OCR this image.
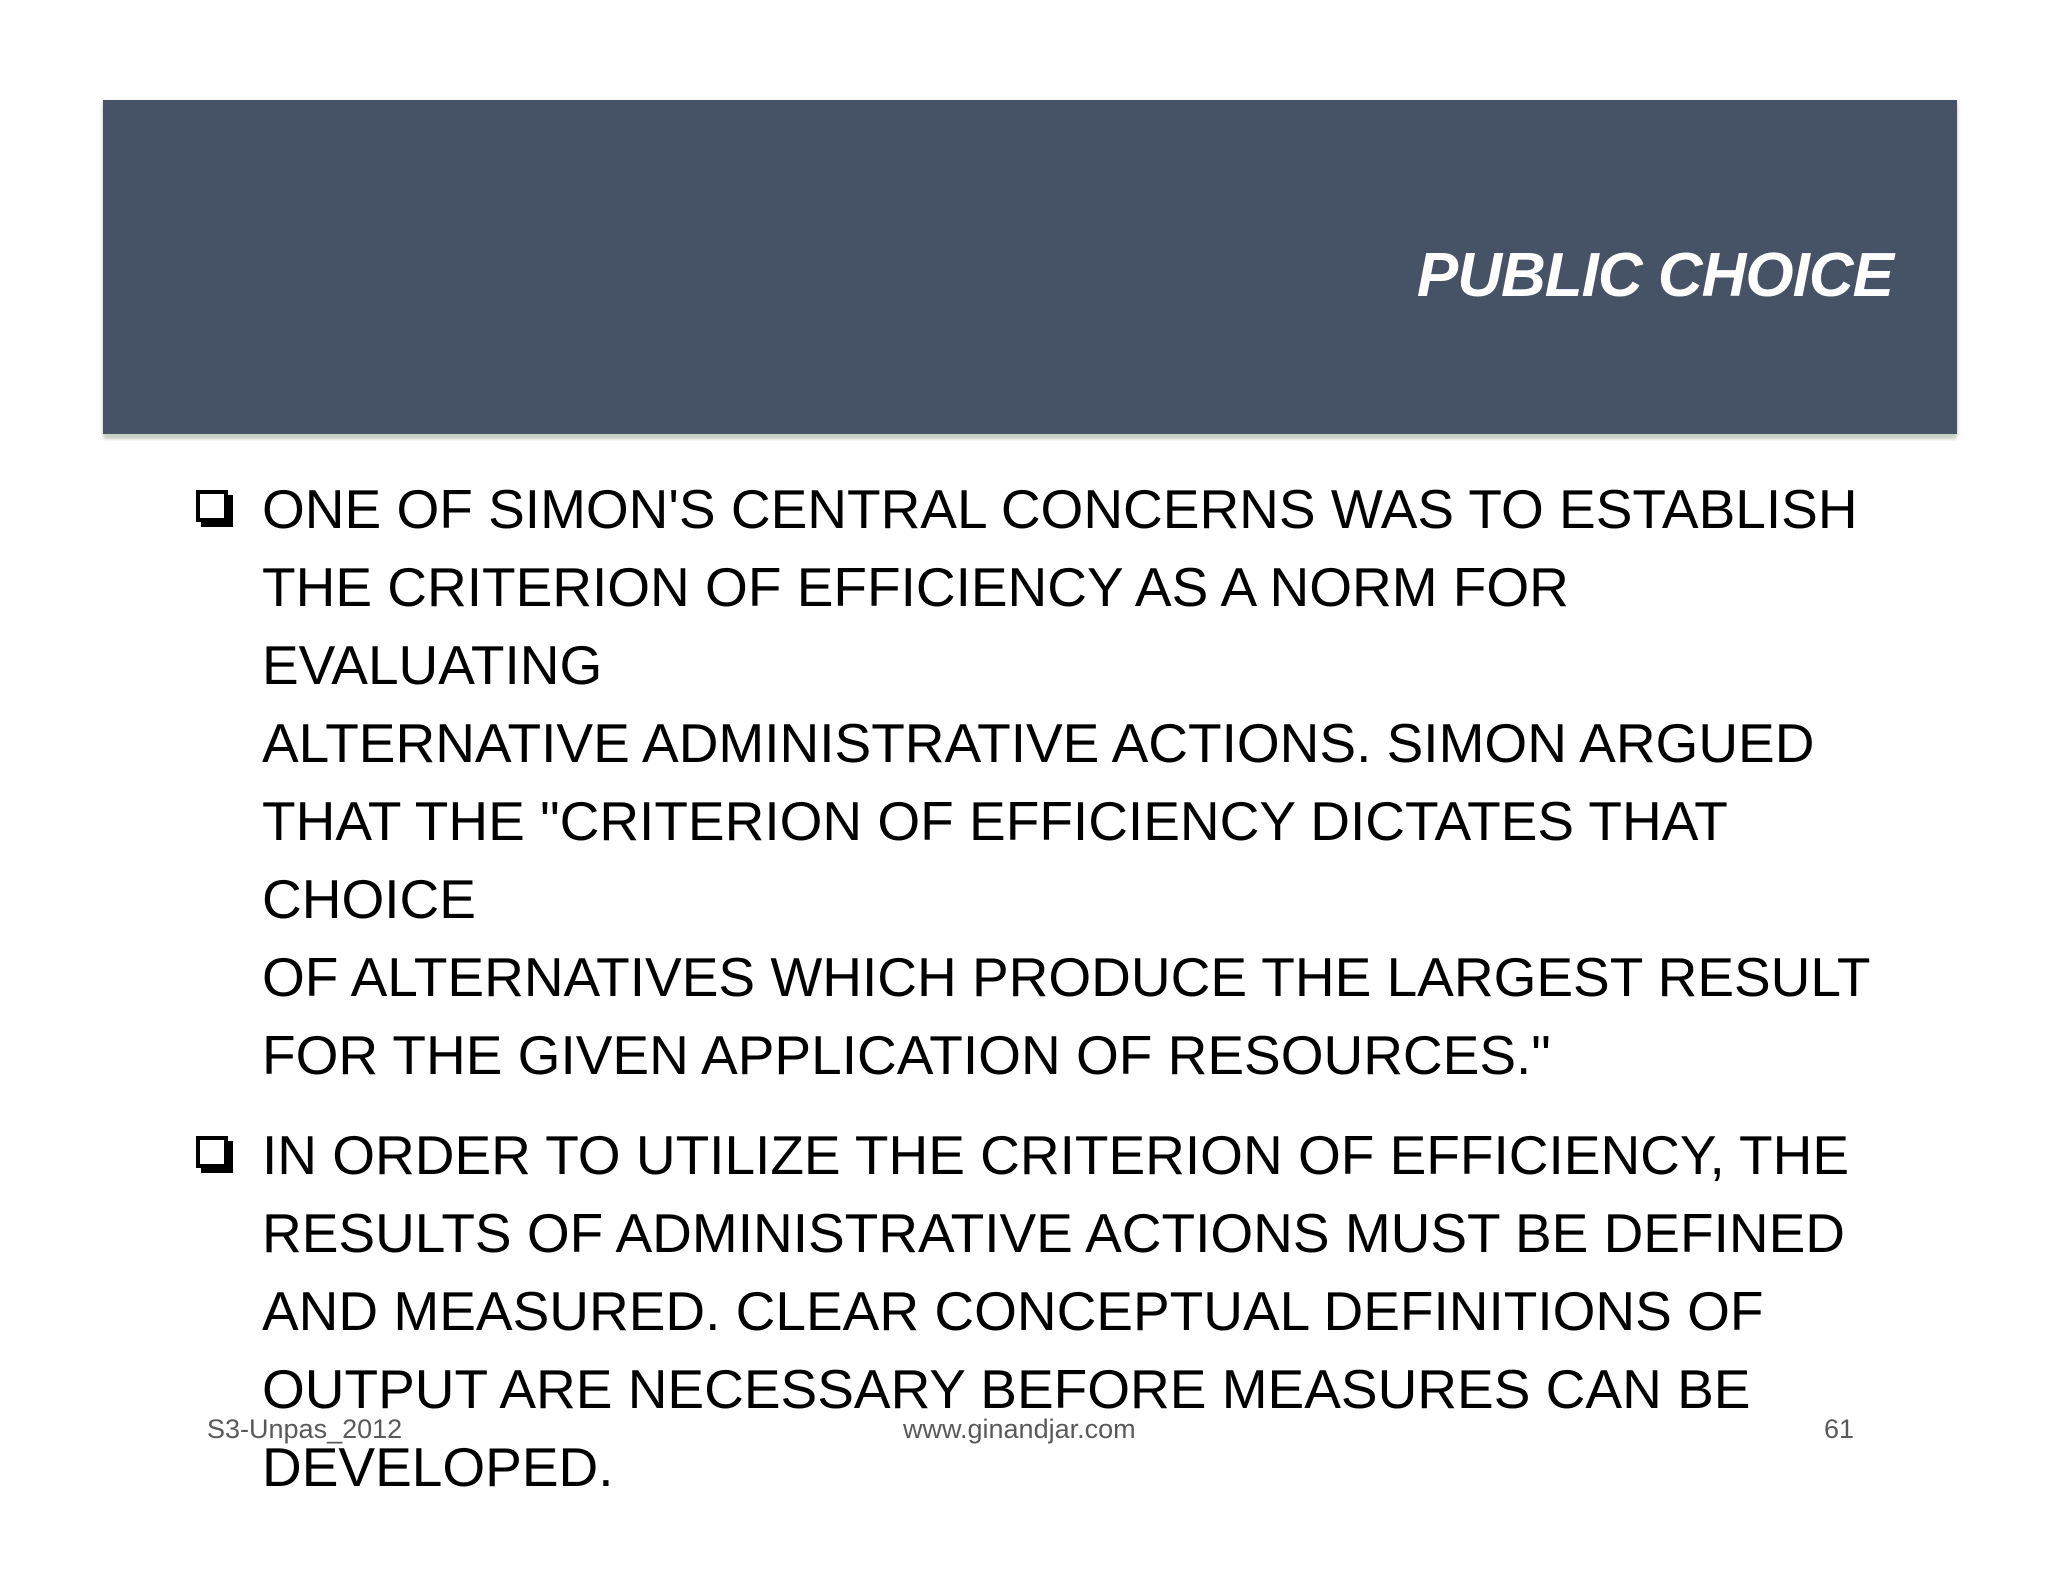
PUBLIC CHOICE
ONE OF SIMON'S CENTRAL CONCERNS WAS TO ESTABLISH
THE CRITERION OF EFFICIENCY AS A NORM FOR EVALUATING
ALTERNATIVE ADMINISTRATIVE ACTIONS. SIMON ARGUED
THAT THE "CRITERION OF EFFICIENCY DICTATES THAT CHOICE
OF ALTERNATIVES WHICH PRODUCE THE LARGEST RESULT
FOR THE GIVEN APPLICATION OF RESOURCES."
IN ORDER TO UTILIZE THE CRITERION OF EFFICIENCY, THE
RESULTS OF ADMINISTRATIVE ACTIONS MUST BE DEFINED
AND MEASURED. CLEAR CONCEPTUAL DEFINITIONS OF
OUTPUT ARE NECESSARY BEFORE MEASURES CAN BE
DEVELOPED.
S3-Unpas_2012	www.ginandjar.com	61
